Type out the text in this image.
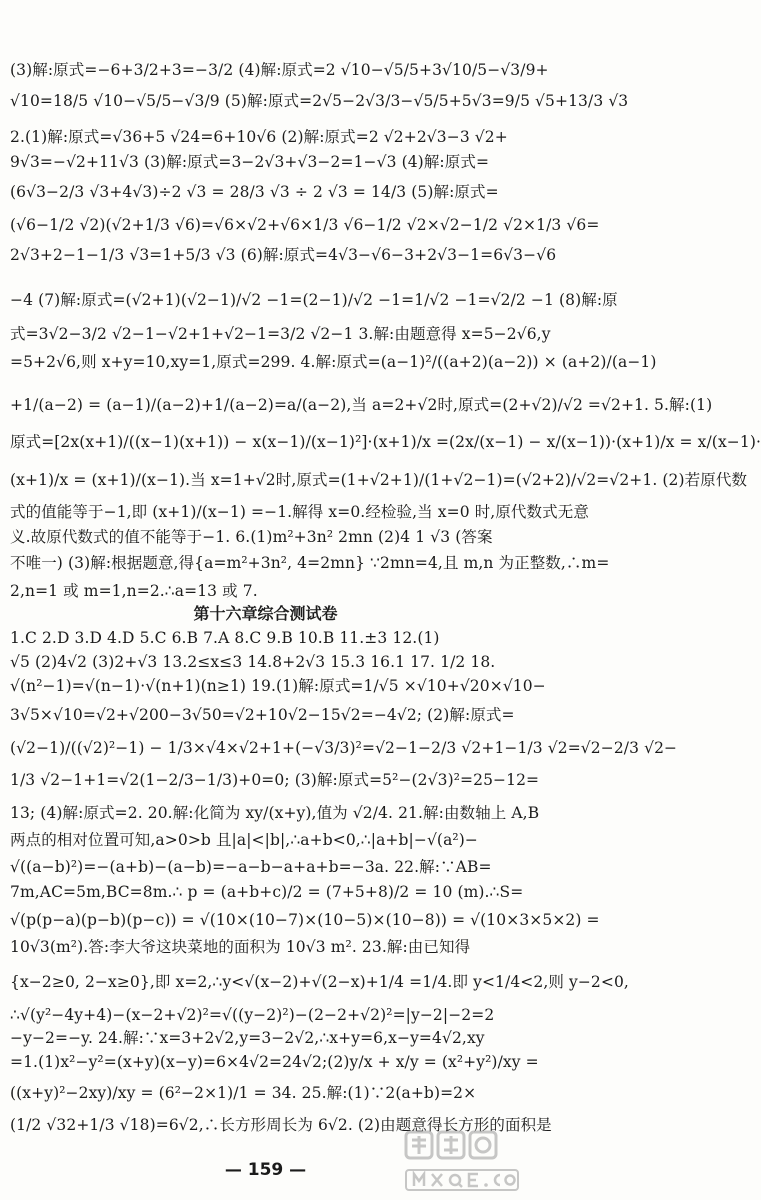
(3)解:原式=−6+3/2+3=−3/2 (4)解:原式=2 √10−√5/5+3√10/5−√3/9+
√10=18/5 √10−√5/5−√3/9 (5)解:原式=2√5−2√3/3−√5/5+5√3=9/5 √5+13/3 √3
2.(1)解:原式=√36+5 √24=6+10√6 (2)解:原式=2 √2+2√3−3 √2+
9√3=−√2+11√3 (3)解:原式=3−2√3+√3−2=1−√3 (4)解:原式=
(6√3−2/3 √3+4√3)÷2 √3 = 28/3 √3 ÷ 2 √3 = 14/3 (5)解:原式=
(√6−1/2 √2)(√2+1/3 √6)=√6×√2+√6×1/3 √6−1/2 √2×√2−1/2 √2×1/3 √6=
2√3+2−1−1/3 √3=1+5/3 √3 (6)解:原式=4√3−√6−3+2√3−1=6√3−√6
−4 (7)解:原式=(√2+1)(√2−1)/√2 −1=(2−1)/√2 −1=1/√2 −1=√2/2 −1 (8)解:原
式=3√2−3/2 √2−1−√2+1+√2−1=3/2 √2−1 3.解:由题意得 x=5−2√6,y
=5+2√6,则 x+y=10,xy=1,原式=299. 4.解:原式=(a−1)²/((a+2)(a−2)) × (a+2)/(a−1)
+1/(a−2) = (a−1)/(a−2)+1/(a−2)=a/(a−2),当 a=2+√2时,原式=(2+√2)/√2 =√2+1. 5.解:(1)
原式=[2x(x+1)/((x−1)(x+1)) − x(x−1)/(x−1)²]·(x+1)/x =(2x/(x−1) − x/(x−1))·(x+1)/x = x/(x−1)·
(x+1)/x = (x+1)/(x−1).当 x=1+√2时,原式=(1+√2+1)/(1+√2−1)=(√2+2)/√2=√2+1. (2)若原代数
式的值能等于−1,即 (x+1)/(x−1) =−1.解得 x=0.经检验,当 x=0 时,原代数式无意
义.故原代数式的值不能等于−1. 6.(1)m²+3n² 2mn (2)4 1 √3 (答案
不唯一) (3)解:根据题意,得{a=m²+3n², 4=2mn} ∵2mn=4,且 m,n 为正整数,∴m=
2,n=1 或 m=1,n=2.∴a=13 或 7.
第十六章综合测试卷
1.C 2.D 3.D 4.D 5.C 6.B 7.A 8.C 9.B 10.B 11.±3 12.(1)
√5 (2)4√2 (3)2+√3 13.2≤x≤3 14.8+2√3 15.3 16.1 17. 1/2 18.
√(n²−1)=√(n−1)·√(n+1)(n≥1) 19.(1)解:原式=1/√5 ×√10+√20×√10−
3√5×√10=√2+√200−3√50=√2+10√2−15√2=−4√2; (2)解:原式=
(√2−1)/((√2)²−1) − 1/3×√4×√2+1+(−√3/3)²=√2−1−2/3 √2+1−1/3 √2=√2−2/3 √2−
1/3 √2−1+1=√2(1−2/3−1/3)+0=0; (3)解:原式=5²−(2√3)²=25−12=
13; (4)解:原式=2. 20.解:化简为 xy/(x+y),值为 √2/4. 21.解:由数轴上 A,B
两点的相对位置可知,a>0>b 且|a|<|b|,∴a+b<0,∴|a+b|−√(a²)−
√((a−b)²)=−(a+b)−(a−b)=−a−b−a+a+b=−3a. 22.解:∵AB=
7m,AC=5m,BC=8m.∴ p = (a+b+c)/2 = (7+5+8)/2 = 10 (m).∴S=
√(p(p−a)(p−b)(p−c)) = √(10×(10−7)×(10−5)×(10−8)) = √(10×3×5×2) =
10√3(m²).答:李大爷这块菜地的面积为 10√3 m². 23.解:由已知得
{x−2≥0, 2−x≥0},即 x=2,∴y<√(x−2)+√(2−x)+1/4 =1/4.即 y<1/4<2,则 y−2<0,
∴√(y²−4y+4)−(x−2+√2)²=√((y−2)²)−(2−2+√2)²=|y−2|−2=2
−y−2=−y. 24.解:∵x=3+2√2,y=3−2√2,∴x+y=6,x−y=4√2,xy
=1.(1)x²−y²=(x+y)(x−y)=6×4√2=24√2;(2)y/x + x/y = (x²+y²)/xy =
((x+y)²−2xy)/xy = (6²−2×1)/1 = 34. 25.解:(1)∵2(a+b)=2×
(1/2 √32+1/3 √18)=6√2,∴长方形周长为 6√2. (2)由题意得长方形的面积是
— 159 —
